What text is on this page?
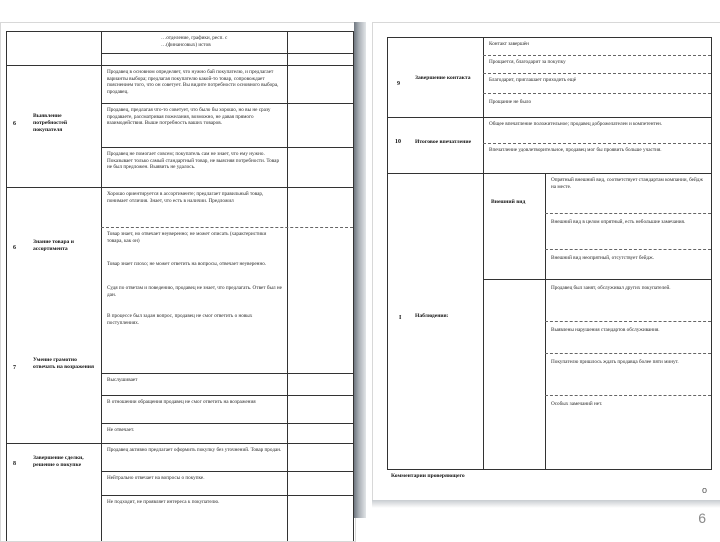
…отделение, графики, респ. с
…(финансовых) истов
6
Выявление потребностей покупателя
Продавец в основном определяет, что нужно бай покупателю, и предлагает варианты выбора; предлагая покупателю какой-то товар, сопровождает пояснением того, что он советует. Вы видите потребности основного выбора, продавец.
Продавец, предлагая что-то советует, что было бы хорошо, но вы не сразу продаваете, рассматривая пожелания, возможно, не давая прямого взаимодействия. Выше потребность ваших товаров.
Продавец не помогает совсем; покупатель сам не знает, что ему нужно. Показывает только самый стандартный товар, не выясняя потребности. Товар не был предложен. Выявить не удалось.
6
Знание товара и ассортимента
Хорошо ориентируется в ассортименте; предлагает правильный товар, понимает отличия. Знает, что есть в наличии. Предложил
Товар знает, но отвечает неуверенно; не может описать (характеристики товара, как он)
Товар знает плохо; не может ответить на вопросы, отвечает неуверенно.
Судя по ответам и поведению, продавец не знает, что предлагать. Ответ был не дан.
В процессе был задан вопрос, продавец не смог ответить о новых поступлениях.
7
Умение грамотно отвечать на возражения
Выслушивает
В отношении обращения продавец не смог ответить на возражения
Не отвечает.
8
Завершение сделки, решение о покупке
Продавец активно предлагает оформить покупку без уточнений. Товар продан.
Нейтрально отвечает на вопросы о покупке.
Не подходит, не проявляет интереса к покупателю.
9
Завершение контакта
Контакт завершён
Прощается, благодарит за покупку
Благодарит, приглашает приходить ещё
Прощание не было
10	Итоговое впечатление
Общее впечатление положительное; продавец доброжелателен и компетентен.
Впечатление удовлетворительное, продавец мог бы проявить больше участия.
Внешний вид
Опрятный внешний вид, соответствует стандартам компании, бейдж на месте.
Внешний вид в целом опрятный, есть небольшие замечания.
Внешний вид неопрятный, отсутствует бейдж.
I Наблюдения:
Продавец был занят, обслуживал других покупателей.
Выявлены нарушения стандартов обслуживания.
Покупателю пришлось ждать продавца более пяти минут.
Особых замечаний нет.
Комментарии проверяющего
o
6
